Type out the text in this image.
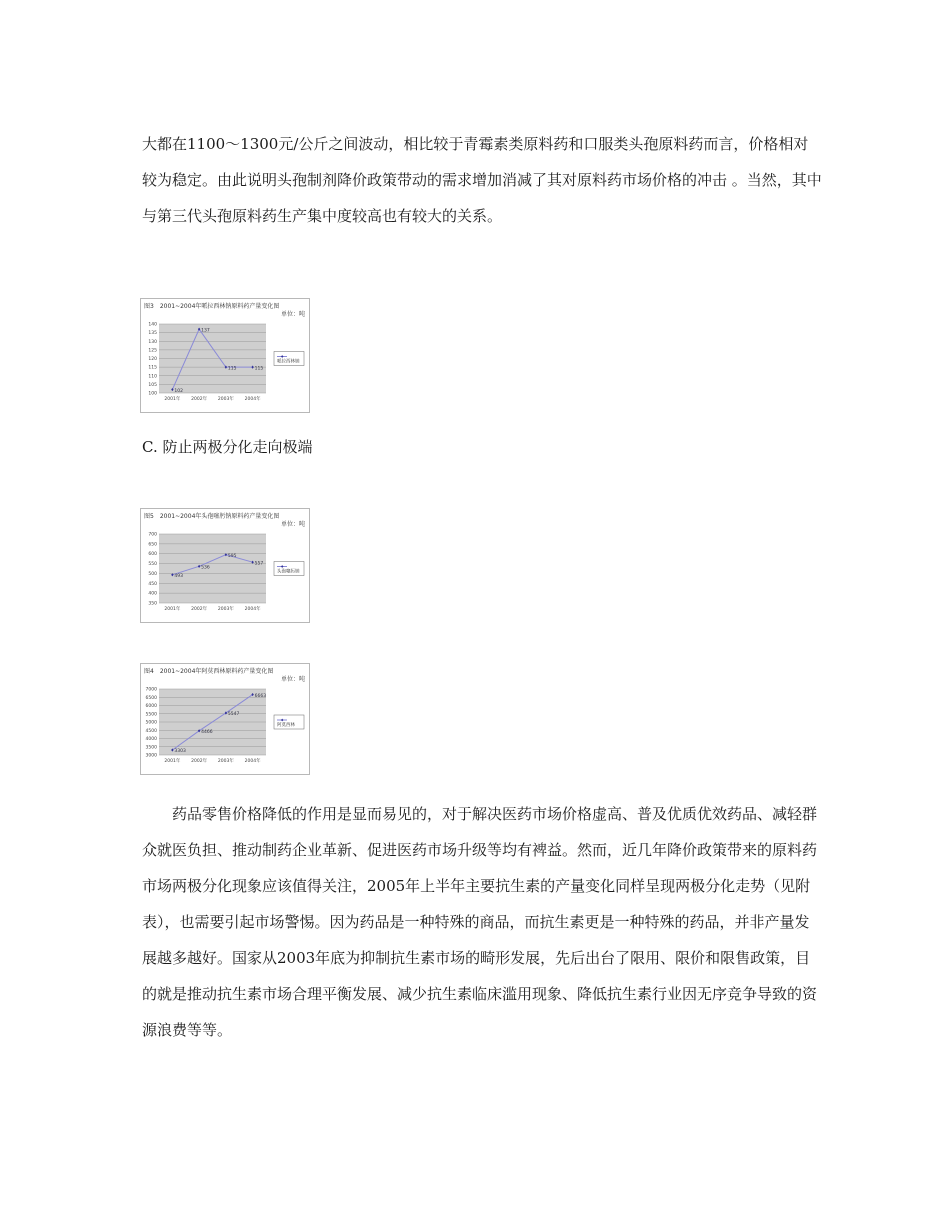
大都在1100～1300元/公斤之间波动，相比较于青霉素类原料药和口服类头孢原料药而言，价格相对较为稳定。由此说明头孢制剂降价政策带动的需求增加消减了其对原料药市场价格的冲击 。当然，其中与第三代头孢原料药生产集中度较高也有较大的关系。

图3　2001~2004年哌拉西林钠原料药产量变化图
单位：吨
140
135
130
125
120
115
110
105
100
2001年 2002年 2003年 2004年
102
137
115	115
哌拉西林钠
C. 防止两极分化走向极端
图5　2001~2004年头孢噻肟钠原料药产量变化图
单位：吨
700
650
600
550
500
450
400
350
2001年 2002年 2003年 2004年
493
536
595
557
头孢噻肟钠
图4　2001~2004年阿莫西林原料药产量变化图
单位：吨
7000
6500
6000
5500
5000
4500
4000
3500
3000
2001年 2002年 2003年 2004年
3303
4466
5547
6663
阿莫西林

药品零售价格降低的作用是显而易见的，对于解决医药市场价格虚高、普及优质优效药品、减轻群众就医负担、推动制药企业革新、促进医药市场升级等均有裨益。然而，近几年降价政策带来的原料药市场两极分化现象应该值得关注，2005年上半年主要抗生素的产量变化同样呈现两极分化走势（见附表），也需要引起市场警惕。因为药品是一种特殊的商品，而抗生素更是一种特殊的药品，并非产量发展越多越好。国家从2003年底为抑制抗生素市场的畸形发展，先后出台了限用、限价和限售政策，目的就是推动抗生素市场合理平衡发展、减少抗生素临床滥用现象、降低抗生素行业因无序竞争导致的资源浪费等等。
